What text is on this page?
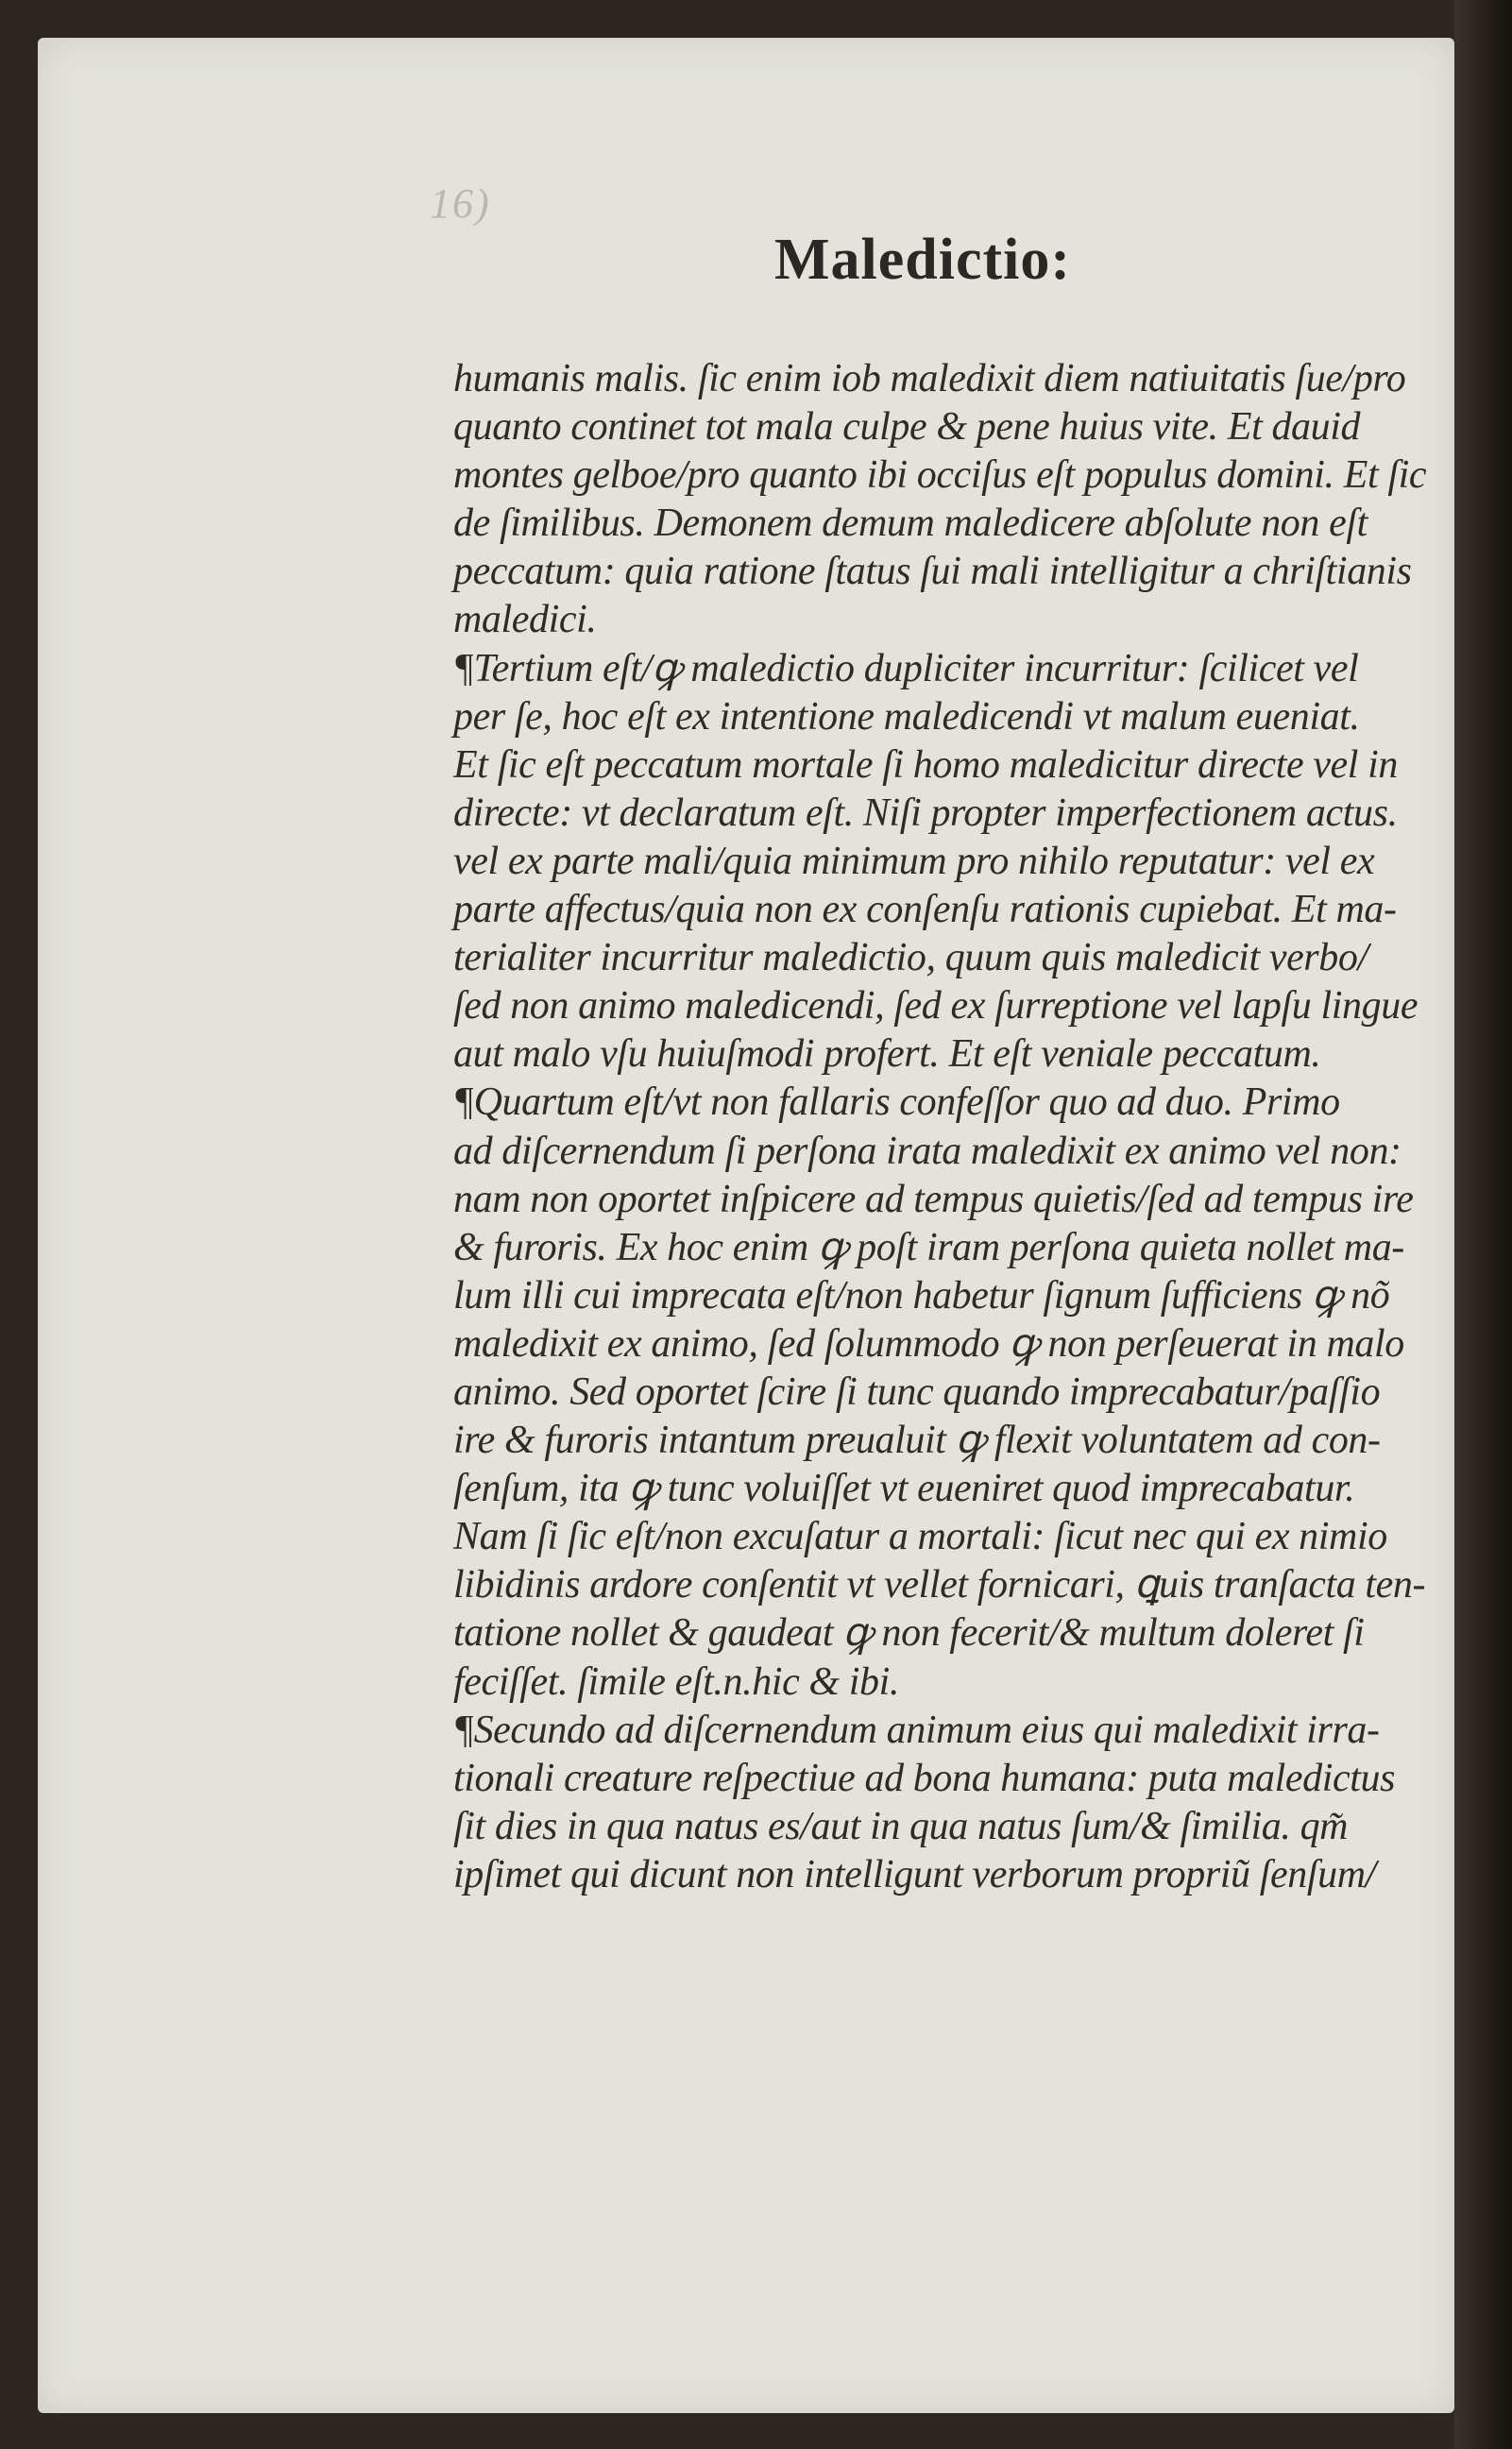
16)
Maledictio:
humanis malis. ſic enim iob maledixit diem natiuitatis ſue/pro
quanto continet tot mala culpe & pene huius vite. Et dauid
montes gelboe/pro quanto ibi occiſus eſt populus domini. Et ſic
de ſimilibus. Demonem demum maledicere abſolute non eſt
peccatum: quia ratione ſtatus ſui mali intelligitur a chriſtianis
maledici.
¶Tertium eſt/ꝙ maledictio dupliciter incurritur: ſcilicet vel
per ſe, hoc eſt ex intentione maledicendi vt malum eueniat.
Et ſic eſt peccatum mortale ſi homo maledicitur directe vel in
directe: vt declaratum eſt. Niſi propter imperfectionem actus.
vel ex parte mali/quia minimum pro nihilo reputatur: vel ex
parte affectus/quia non ex conſenſu rationis cupiebat. Et ma-
terialiter incurritur maledictio, quum quis maledicit verbo/
ſed non animo maledicendi, ſed ex ſurreptione vel lapſu lingue
aut malo vſu huiuſmodi profert. Et eſt veniale peccatum.
¶Quartum eſt/vt non fallaris confeſſor quo ad duo. Primo
ad diſcernendum ſi perſona irata maledixit ex animo vel non:
nam non oportet inſpicere ad tempus quietis/ſed ad tempus ire
& furoris. Ex hoc enim ꝙ poſt iram perſona quieta nollet ma-
lum illi cui imprecata eſt/non habetur ſignum ſufficiens ꝙ nõ
maledixit ex animo, ſed ſolummodo ꝙ non perſeuerat in malo
animo. Sed oportet ſcire ſi tunc quando imprecabatur/paſſio
ire & furoris intantum preualuit ꝙ flexit voluntatem ad con-
ſenſum, ita ꝙ tunc voluiſſet vt eueniret quod imprecabatur.
Nam ſi ſic eſt/non excuſatur a mortali: ſicut nec qui ex nimio
libidinis ardore conſentit vt vellet fornicari, ꝗuis tranſacta ten-
tatione nollet & gaudeat ꝙ non fecerit/& multum doleret ſi
feciſſet. ſimile eſt.n.hic & ibi.
¶Secundo ad diſcernendum animum eius qui maledixit irra-
tionali creature reſpectiue ad bona humana: puta maledictus
ſit dies in qua natus es/aut in qua natus ſum/& ſimilia. qm̃
ipſimet qui dicunt non intelligunt verborum propriũ ſenſum/
